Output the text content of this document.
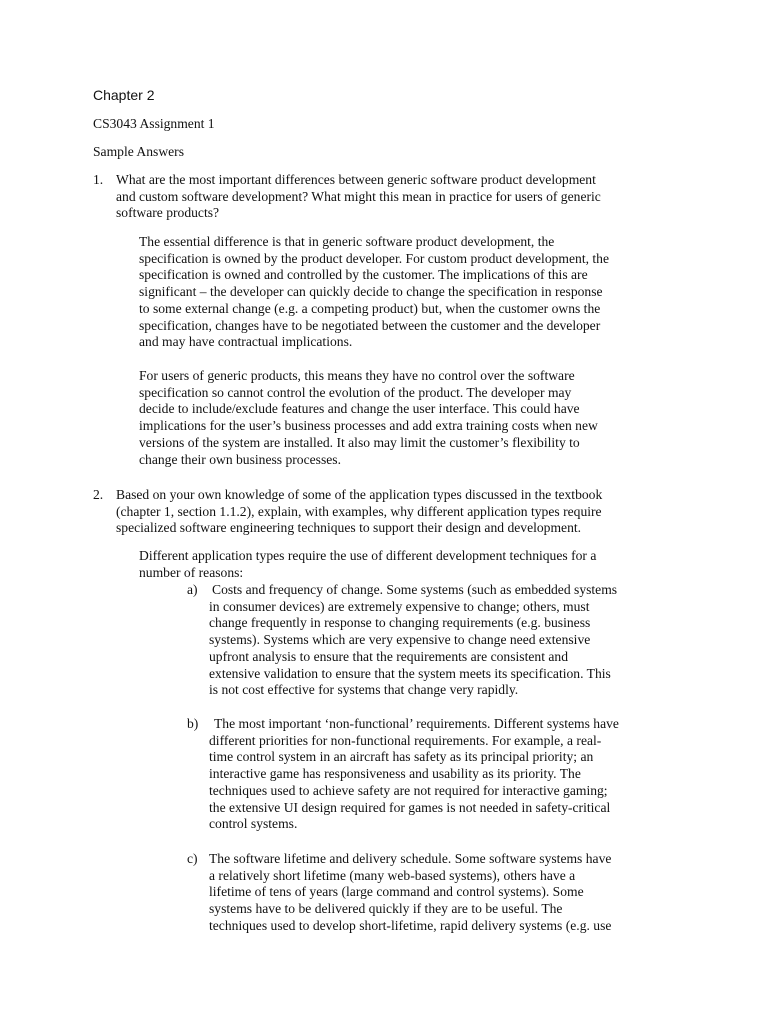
Chapter 2
CS3043 Assignment 1
Sample Answers
1. What are the most important differences between generic software product development
and custom software development? What might this mean in practice for users of generic
software products?
The essential difference is that in generic software product development, the
specification is owned by the product developer. For custom product development, the
specification is owned and controlled by the customer. The implications of this are
significant – the developer can quickly decide to change the specification in response
to some external change (e.g. a competing product) but, when the customer owns the
specification, changes have to be negotiated between the customer and the developer
and may have contractual implications.
For users of generic products, this means they have no control over the software
specification so cannot control the evolution of the product. The developer may
decide to include/exclude features and change the user interface. This could have
implications for the user’s business processes and add extra training costs when new
versions of the system are installed. It also may limit the customer’s flexibility to
change their own business processes.
2. Based on your own knowledge of some of the application types discussed in the textbook
(chapter 1, section 1.1.2), explain, with examples, why different application types require
specialized software engineering techniques to support their design and development.
Different application types require the use of different development techniques for a
number of reasons:
a) Costs and frequency of change. Some systems (such as embedded systems
in consumer devices) are extremely expensive to change; others, must
change frequently in response to changing requirements (e.g. business
systems). Systems which are very expensive to change need extensive
upfront analysis to ensure that the requirements are consistent and
extensive validation to ensure that the system meets its specification. This
is not cost effective for systems that change very rapidly.
b)	The most important ‘non-functional’ requirements. Different systems have
different priorities for non-functional requirements. For example, a real-
time control system in an aircraft has safety as its principal priority; an
interactive game has responsiveness and usability as its priority. The
techniques used to achieve safety are not required for interactive gaming;
the extensive UI design required for games is not needed in safety-critical
control systems.
c) The software lifetime and delivery schedule. Some software systems have
a relatively short lifetime (many web-based systems), others have a
lifetime of tens of years (large command and control systems). Some
systems have to be delivered quickly if they are to be useful. The
techniques used to develop short-lifetime, rapid delivery systems (e.g. use
